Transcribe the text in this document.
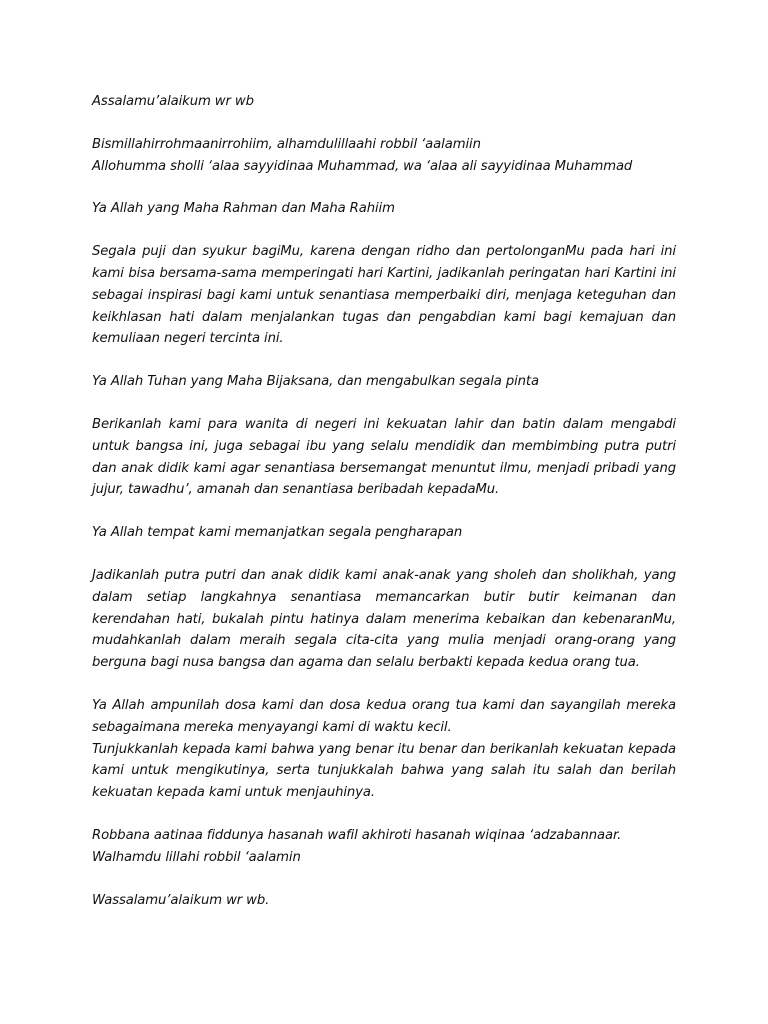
Assalamu’alaikum wr wb

Bismillahirrohmaanirrohiim, alhamdulillaahi robbil ‘aalamiin
Allohumma sholli ‘alaa sayyidinaa Muhammad, wa ‘alaa ali sayyidinaa Muhammad

Ya Allah yang Maha Rahman dan Maha Rahiim

Segala puji dan syukur bagiMu, karena dengan ridho dan pertolonganMu pada hari ini kami bisa bersama-sama memperingati hari Kartini, jadikanlah peringatan hari Kartini ini sebagai inspirasi bagi kami untuk senantiasa memperbaiki diri, menjaga keteguhan dan keikhlasan hati dalam menjalankan tugas dan pengabdian kami bagi kemajuan dan kemuliaan negeri tercinta ini.

Ya Allah Tuhan yang Maha Bijaksana, dan mengabulkan segala pinta

Berikanlah kami para wanita di negeri ini kekuatan lahir dan batin dalam mengabdi untuk bangsa ini, juga sebagai ibu yang selalu mendidik dan membimbing putra putri dan anak didik kami agar senantiasa bersemangat menuntut ilmu, menjadi pribadi yang jujur, tawadhu’, amanah dan senantiasa beribadah kepadaMu.

Ya Allah tempat kami memanjatkan segala pengharapan

Jadikanlah putra putri dan anak didik kami anak-anak yang sholeh dan sholikhah, yang dalam setiap langkahnya senantiasa memancarkan butir butir keimanan dan kerendahan hati, bukalah pintu hatinya dalam menerima kebaikan dan kebenaranMu, mudahkanlah dalam meraih segala cita-cita yang mulia menjadi orang-orang yang berguna bagi nusa bangsa dan agama dan selalu berbakti kepada kedua orang tua.

Ya Allah ampunilah dosa kami dan dosa kedua orang tua kami dan sayangilah mereka sebagaimana mereka menyayangi kami di waktu kecil.
Tunjukkanlah kepada kami bahwa yang benar itu benar dan berikanlah kekuatan kepada kami untuk mengikutinya, serta tunjukkalah bahwa yang salah itu salah dan berilah kekuatan kepada kami untuk menjauhinya.

Robbana aatinaa fiddunya hasanah wafil akhiroti hasanah wiqinaa ‘adzabannaar.
Walhamdu lillahi robbil ‘aalamin

Wassalamu’alaikum wr wb.
